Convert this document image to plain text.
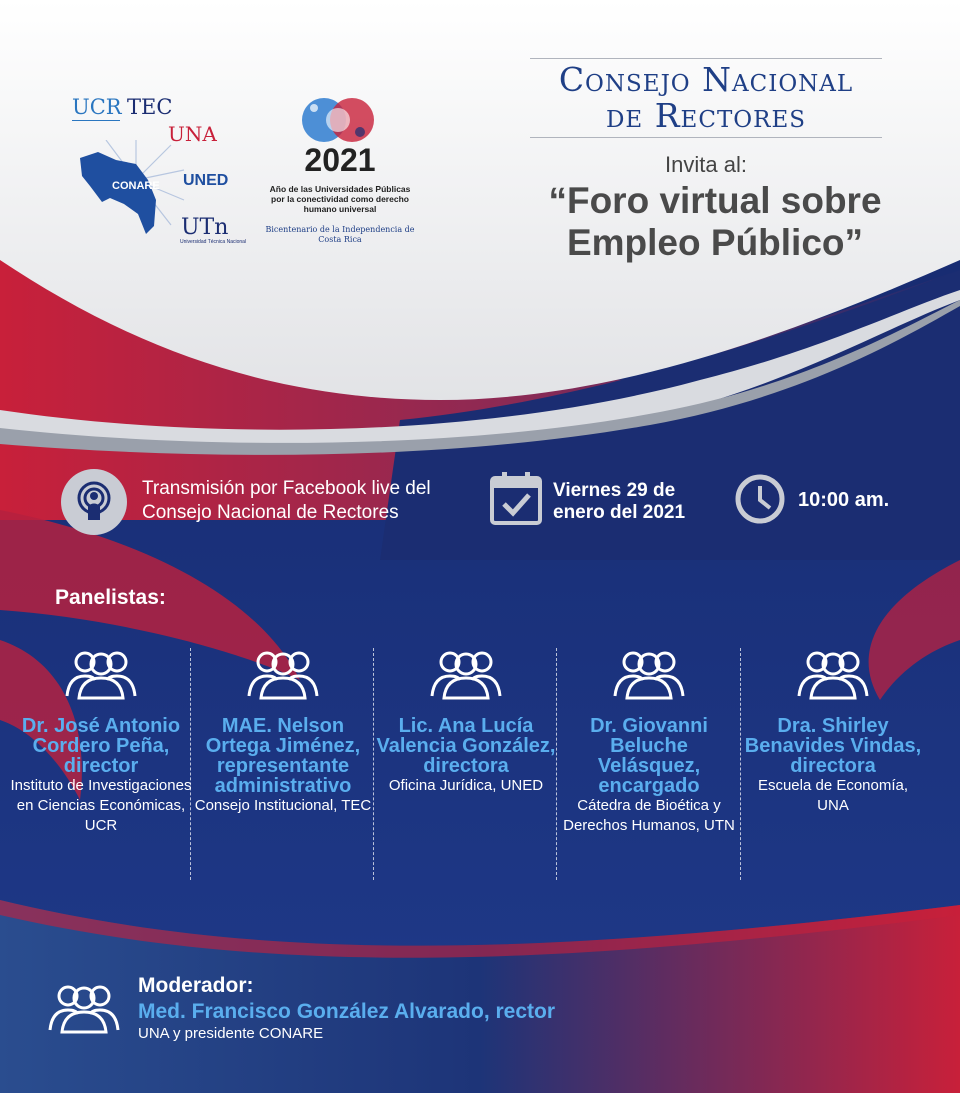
UCR TEC
UNA
CONARE UNED
UTn
Universidad Técnica Nacional
2021
Año de las Universidades Públicas por la conectividad como derecho humano universal
Bicentenario de la Independencia de Costa Rica
Consejo Nacional
de Rectores
Invita al:
“Foro virtual sobre
Empleo Público”
Transmisión por Facebook live del Consejo Nacional de Rectores
Viernes 29 de enero del 2021
10:00 am.
Panelistas:
Dr. José Antonio Cordero Peña, director
Instituto de Investigaciones en Ciencias Económicas, UCR
MAE. Nelson Ortega Jiménez, representante administrativo
Consejo Institucional, TEC
Lic. Ana Lucía Valencia González, directora
Oficina Jurídica, UNED
Dr. Giovanni Beluche Velásquez, encargado
Cátedra de Bioética y Derechos Humanos, UTN
Dra. Shirley Benavides Vindas, directora
Escuela de Economía, UNA
Moderador:
Med. Francisco González Alvarado, rector
UNA y presidente CONARE
